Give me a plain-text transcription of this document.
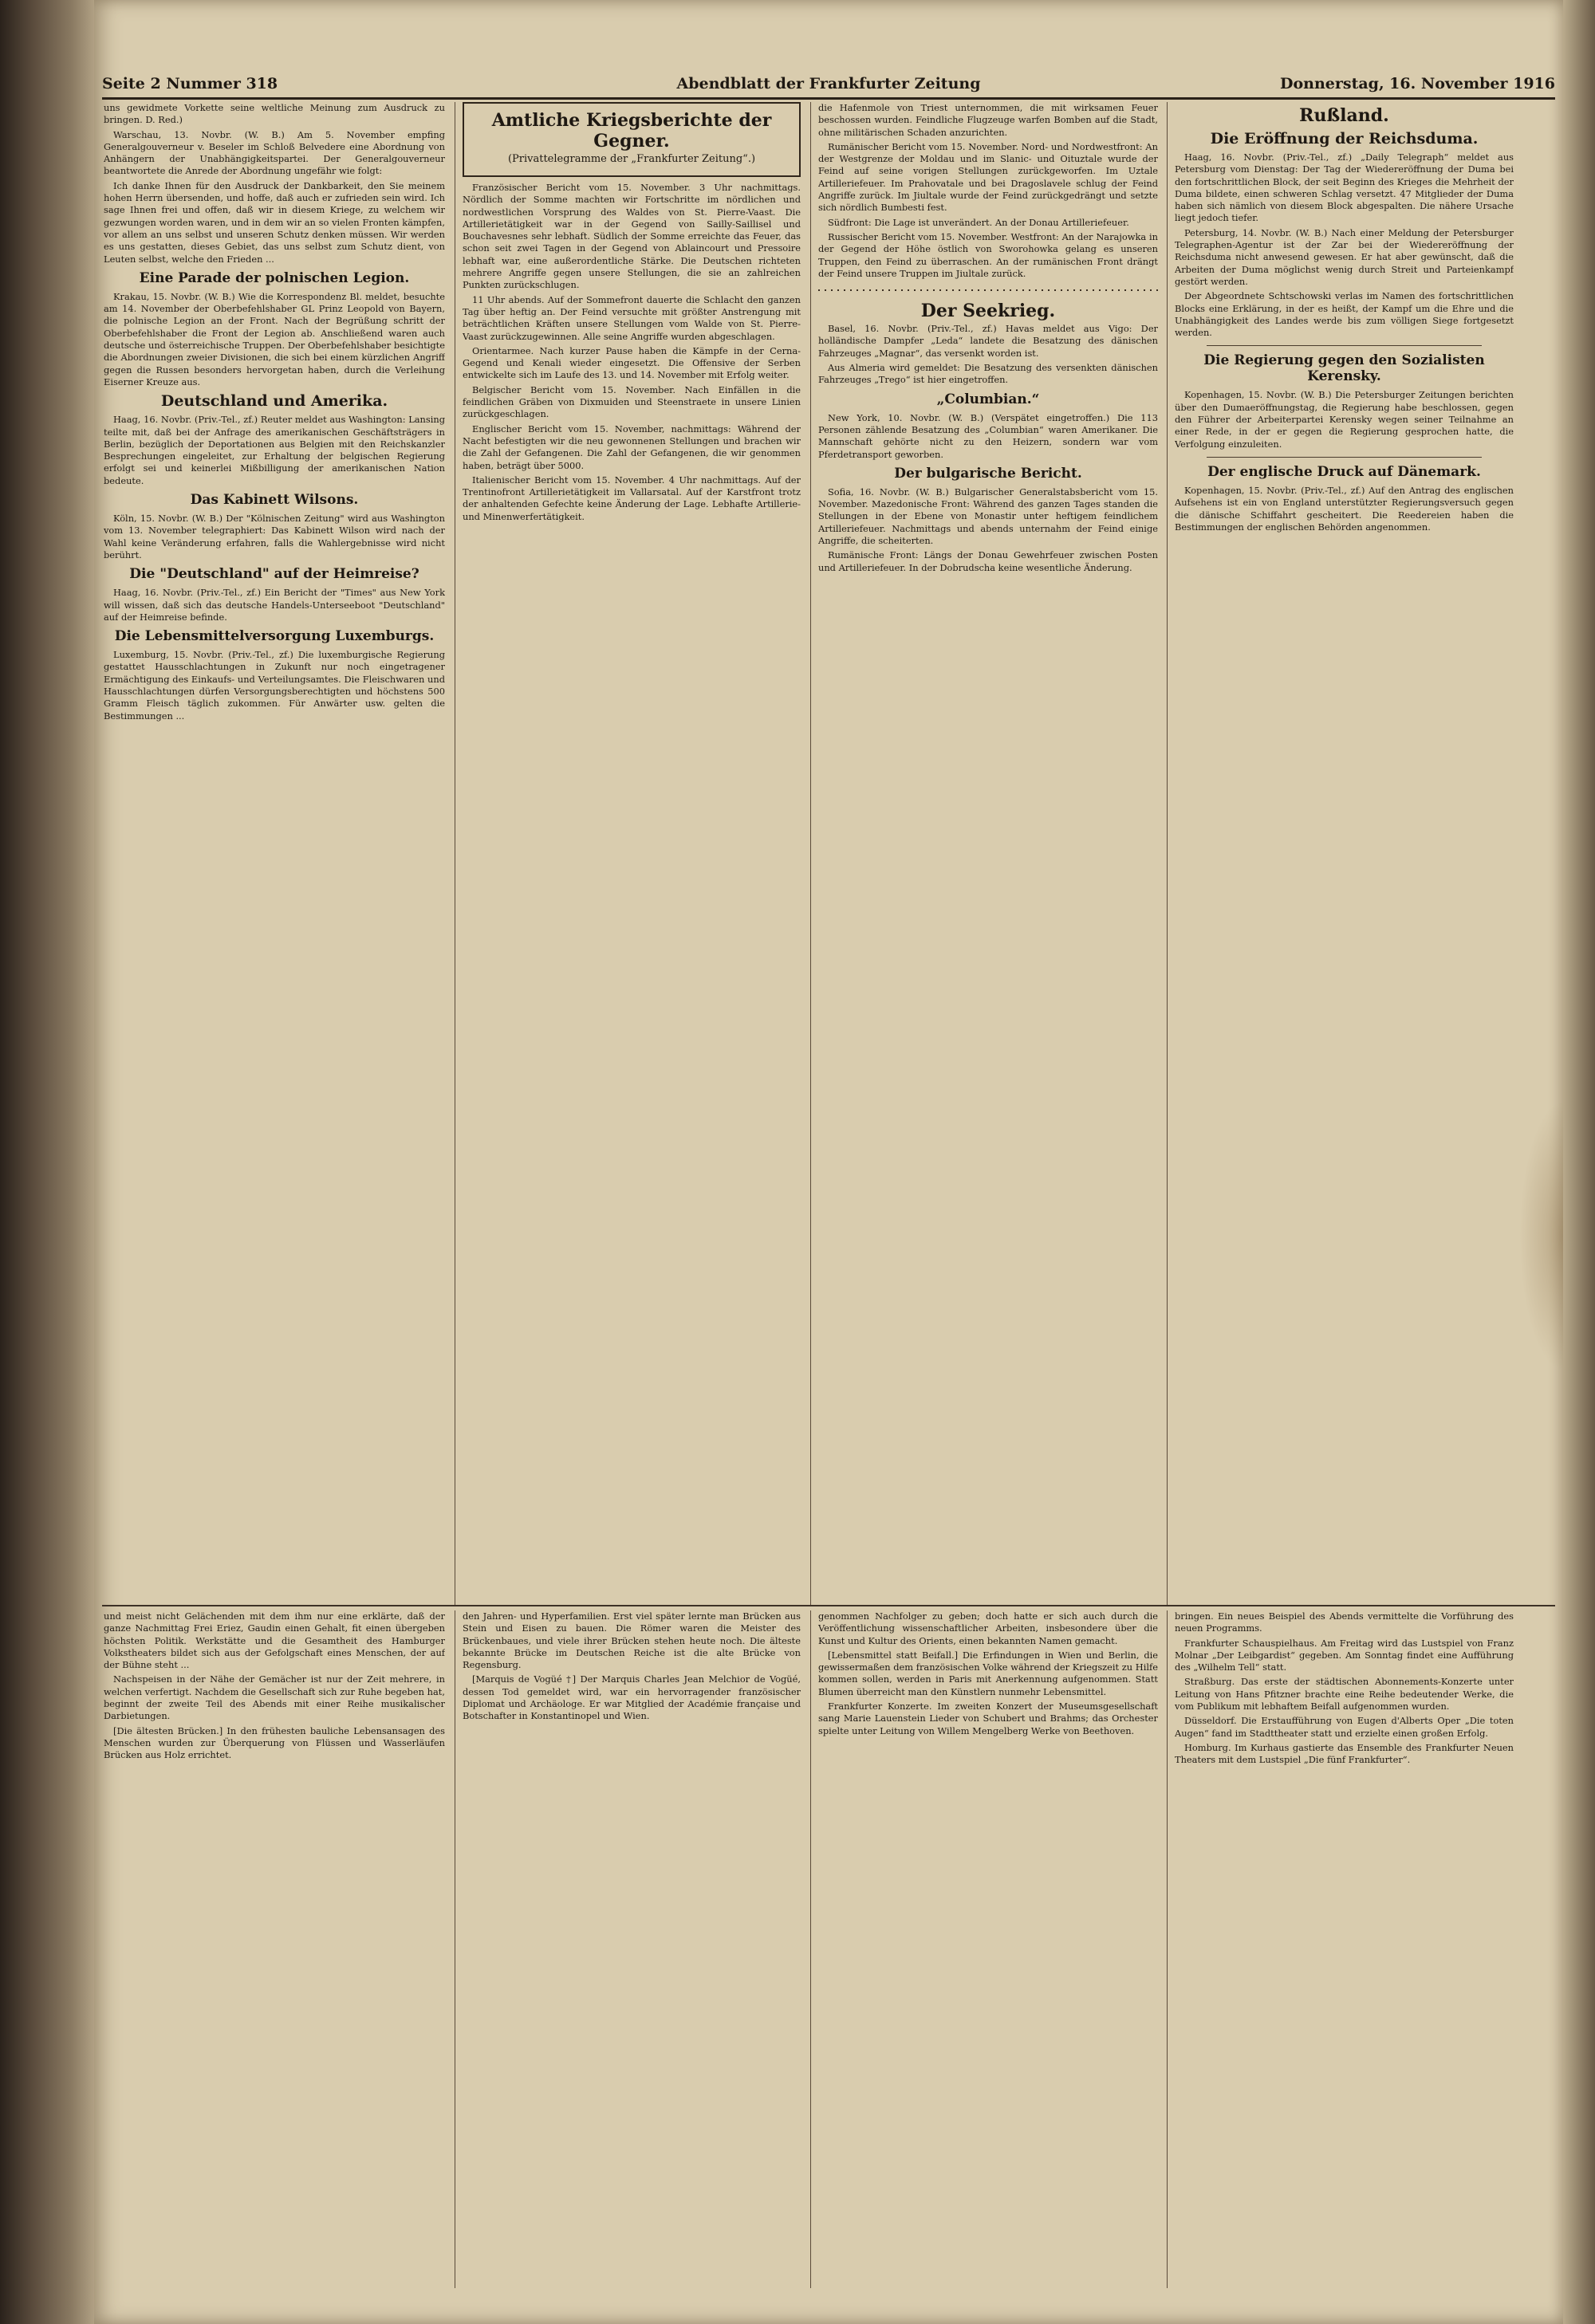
Seite 2 Nummer 318	Abendblatt der Frankfurter Zeitung	Donnerstag, 16. November 1916

uns gewidmete Vorkette seine weltliche Meinung zum Ausdruck zu bringen. D. Red.)

Warschau, 13. Novbr. (W. B.) Am 5. November empfing Generalgouverneur v. Beseler im Schloß Belvedere eine Abordnung von Anhängern der Unabhängigkeitspartei. Der Generalgouverneur beantwortete die Anrede der Abordnung ungefähr wie folgt:

Ich danke Ihnen für den Ausdruck der Dankbarkeit, den Sie meinem hohen Herrn übersenden, und hoffe, daß auch er zufrieden sein wird. Ich sage Ihnen frei und offen, daß wir in diesem Kriege, zu welchem wir gezwungen worden waren, und in dem wir an so vielen Fronten kämpfen, vor allem an uns selbst und unseren Schutz denken müssen. Wir werden es uns gestatten, dieses Gebiet, das uns selbst zum Schutz dient, von Leuten selbst, welche den Frieden ...

Eine Parade der polnischen Legion.

Krakau, 15. Novbr. (W. B.) Wie die Korrespondenz Bl. meldet, besuchte am 14. November der Oberbefehlshaber GL Prinz Leopold von Bayern, die polnische Legion an der Front. Nach der Begrüßung schritt der Oberbefehlshaber die Front der Legion ab. Anschließend waren auch deutsche und österreichische Truppen. Der Oberbefehlshaber besichtigte die Abordnungen zweier Divisionen, die sich bei einem kürzlichen Angriff gegen die Russen besonders hervorgetan haben, durch die Verleihung Eiserner Kreuze aus.

Deutschland und Amerika.

Haag, 16. Novbr. (Priv.-Tel., zf.) Reuter meldet aus Washington: Lansing teilte mit, daß bei der Anfrage des amerikanischen Geschäftsträgers in Berlin, bezüglich der Deportationen aus Belgien mit den Reichskanzler Besprechungen eingeleitet, zur Erhaltung der belgischen Regierung erfolgt sei und keinerlei Mißbilligung der amerikanischen Nation bedeute.

Das Kabinett Wilsons.

Köln, 15. Novbr. (W. B.) Der "Kölnischen Zeitung" wird aus Washington vom 13. November telegraphiert: Das Kabinett Wilson wird nach der Wahl keine Veränderung erfahren, falls die Wahlergebnisse wird nicht berührt.

Die "Deutschland" auf der Heimreise?

Haag, 16. Novbr. (Priv.-Tel., zf.) Ein Bericht der "Times" aus New York will wissen, daß sich das deutsche Handels-Unterseeboot "Deutschland" auf der Heimreise befinde.

Die Lebensmittelversorgung Luxemburgs.

Luxemburg, 15. Novbr. (Priv.-Tel., zf.) Die luxemburgische Regierung gestattet Hausschlachtungen in Zukunft nur noch eingetragener Ermächtigung des Einkaufs- und Verteilungsamtes. Die Fleischwaren und Hausschlachtungen dürfen Versorgungsberechtigten und höchstens 500 Gramm Fleisch täglich zukommen. Für Anwärter usw. gelten die Bestimmungen ...

Amtliche Kriegsberichte der Gegner.
(Privattelegramme der „Frankfurter Zeitung“.)

Französischer Bericht vom 15. November. 3 Uhr nachmittags. Nördlich der Somme machten wir Fortschritte im nördlichen und nordwestlichen Vorsprung des Waldes von St. Pierre-Vaast. Die Artillerietätigkeit war in der Gegend von Sailly-Saillisel und Bouchavesnes sehr lebhaft. Südlich der Somme erreichte das Feuer, das schon seit zwei Tagen in der Gegend von Ablaincourt und Pressoire lebhaft war, eine außerordentliche Stärke. Die Deutschen richteten mehrere Angriffe gegen unsere Stellungen, die sie an zahlreichen Punkten zurückschlugen.

11 Uhr abends. Auf der Sommefront dauerte die Schlacht den ganzen Tag über heftig an. Der Feind versuchte mit größter Anstrengung mit beträchtlichen Kräften unsere Stellungen vom Walde von St. Pierre-Vaast zurückzugewinnen. Alle seine Angriffe wurden abgeschlagen.

Orientarmee. Nach kurzer Pause haben die Kämpfe in der Cerna-Gegend und Kenali wieder eingesetzt. Die Offensive der Serben entwickelte sich im Laufe des 13. und 14. November mit Erfolg weiter.

Belgischer Bericht vom 15. November. Nach Einfällen in die feindlichen Gräben von Dixmuiden und Steenstraete in unsere Linien zurückgeschlagen.

Englischer Bericht vom 15. November, nachmittags: Während der Nacht befestigten wir die neu gewonnenen Stellungen und brachen wir die Zahl der Gefangenen. Die Zahl der Gefangenen, die wir genommen haben, beträgt über 5000.

Italienischer Bericht vom 15. November. 4 Uhr nachmittags. Auf der Trentinofront Artillerietätigkeit im Vallarsatal. Auf der Karstfront trotz der anhaltenden Gefechte keine Änderung der Lage. Lebhafte Artillerie- und Minenwerfertätigkeit.

die Hafenmole von Triest unternommen, die mit wirksamen Feuer beschossen wurden. Feindliche Flugzeuge warfen Bomben auf die Stadt, ohne militärischen Schaden anzurichten.

Rumänischer Bericht vom 15. November. Nord- und Nordwestfront: An der Westgrenze der Moldau und im Slanic- und Oituztale wurde der Feind auf seine vorigen Stellungen zurückgeworfen. Im Uztale Artilleriefeuer. Im Prahovatale und bei Dragoslavele schlug der Feind Angriffe zurück. Im Jiultale wurde der Feind zurückgedrängt und setzte sich nördlich Bumbesti fest.

Südfront: Die Lage ist unverändert. An der Donau Artilleriefeuer.

Russischer Bericht vom 15. November. Westfront: An der Narajowka in der Gegend der Höhe östlich von Sworohowka gelang es unseren Truppen, den Feind zu überraschen. An der rumänischen Front drängt der Feind unsere Truppen im Jiultale zurück.

Der Seekrieg.

Basel, 16. Novbr. (Priv.-Tel., zf.) Havas meldet aus Vigo: Der holländische Dampfer „Leda“ landete die Besatzung des dänischen Fahrzeuges „Magnar“, das versenkt worden ist.

Aus Almeria wird gemeldet: Die Besatzung des versenkten dänischen Fahrzeuges „Trego“ ist hier eingetroffen.

„Columbian.“

New York, 10. Novbr. (W. B.) (Verspätet eingetroffen.) Die 113 Personen zählende Besatzung des „Columbian“ waren Amerikaner. Die Mannschaft gehörte nicht zu den Heizern, sondern war vom Pferdetransport geworben.

Der bulgarische Bericht.

Sofia, 16. Novbr. (W. B.) Bulgarischer Generalstabsbericht vom 15. November. Mazedonische Front: Während des ganzen Tages standen die Stellungen in der Ebene von Monastir unter heftigem feindlichem Artilleriefeuer. Nachmittags und abends unternahm der Feind einige Angriffe, die scheiterten.

Rumänische Front: Längs der Donau Gewehrfeuer zwischen Posten und Artilleriefeuer. In der Dobrudscha keine wesentliche Änderung.

Rußland.
Die Eröffnung der Reichsduma.

Haag, 16. Novbr. (Priv.-Tel., zf.) „Daily Telegraph“ meldet aus Petersburg vom Dienstag: Der Tag der Wiedereröffnung der Duma bei den fortschrittlichen Block, der seit Beginn des Krieges die Mehrheit der Duma bildete, einen schweren Schlag versetzt. 47 Mitglieder der Duma haben sich nämlich von diesem Block abgespalten. Die nähere Ursache liegt jedoch tiefer.

Petersburg, 14. Novbr. (W. B.) Nach einer Meldung der Petersburger Telegraphen-Agentur ist der Zar bei der Wiedereröffnung der Reichsduma nicht anwesend gewesen. Er hat aber gewünscht, daß die Arbeiten der Duma möglichst wenig durch Streit und Parteienkampf gestört werden.

Der Abgeordnete Schtschowski verlas im Namen des fortschrittlichen Blocks eine Erklärung, in der es heißt, der Kampf um die Ehre und die Unabhängigkeit des Landes werde bis zum völligen Siege fortgesetzt werden.

Die Regierung gegen den Sozialisten Kerensky.

Kopenhagen, 15. Novbr. (W. B.) Die Petersburger Zeitungen berichten über den Dumaeröffnungstag, die Regierung habe beschlossen, gegen den Führer der Arbeiterpartei Kerensky wegen seiner Teilnahme an einer Rede, in der er gegen die Regierung gesprochen hatte, die Verfolgung einzuleiten.

Der englische Druck auf Dänemark.

Kopenhagen, 15. Novbr. (Priv.-Tel., zf.) Auf den Antrag des englischen Aufsehens ist ein von England unterstützter Regierungsversuch gegen die dänische Schiffahrt gescheitert. Die Reedereien haben die Bestimmungen der englischen Behörden angenommen.

und meist nicht Gelächenden mit dem ihm nur eine erklärte, daß der ganze Nachmittag Frei Eriez, Gaudin einen Gehalt, fit einen übergeben höchsten Politik. Werkstätte und die Gesamtheit des Hamburger Volkstheaters bildet sich aus der Gefolgschaft eines Menschen, der auf der Bühne steht ...

Nachspeisen in der Nähe der Gemächer ist nur der Zeit mehrere, in welchen verfertigt. Nachdem die Gesellschaft sich zur Ruhe begeben hat, beginnt der zweite Teil des Abends mit einer Reihe musikalischer Darbietungen.

[Die ältesten Brücken.] In den frühesten bauliche Lebensansagen des Menschen wurden zur Überquerung von Flüssen und Wasserläufen Brücken aus Holz errichtet.

den Jahren- und Hyperfamilien. Erst viel später lernte man Brücken aus Stein und Eisen zu bauen. Die Römer waren die Meister des Brückenbaues, und viele ihrer Brücken stehen heute noch. Die älteste bekannte Brücke im Deutschen Reiche ist die alte Brücke von Regensburg.

[Marquis de Vogüé †] Der Marquis Charles Jean Melchior de Vogüé, dessen Tod gemeldet wird, war ein hervorragender französischer Diplomat und Archäologe. Er war Mitglied der Académie française und Botschafter in Konstantinopel und Wien.

genommen Nachfolger zu geben; doch hatte er sich auch durch die Veröffentlichung wissenschaftlicher Arbeiten, insbesondere über die Kunst und Kultur des Orients, einen bekannten Namen gemacht.

[Lebensmittel statt Beifall.] Die Erfindungen in Wien und Berlin, die gewissermaßen dem französischen Volke während der Kriegszeit zu Hilfe kommen sollen, werden in Paris mit Anerkennung aufgenommen. Statt Blumen überreicht man den Künstlern nunmehr Lebensmittel.

Frankfurter Konzerte. Im zweiten Konzert der Museumsgesellschaft sang Marie Lauenstein Lieder von Schubert und Brahms; das Orchester spielte unter Leitung von Willem Mengelberg Werke von Beethoven.

bringen. Ein neues Beispiel des Abends vermittelte die Vorführung des neuen Programms.

Frankfurter Schauspielhaus. Am Freitag wird das Lustspiel von Franz Molnar „Der Leibgardist“ gegeben. Am Sonntag findet eine Aufführung des „Wilhelm Tell“ statt.

Straßburg. Das erste der städtischen Abonnements-Konzerte unter Leitung von Hans Pfitzner brachte eine Reihe bedeutender Werke, die vom Publikum mit lebhaftem Beifall aufgenommen wurden.

Düsseldorf. Die Erstaufführung von Eugen d'Alberts Oper „Die toten Augen“ fand im Stadttheater statt und erzielte einen großen Erfolg.

Homburg. Im Kurhaus gastierte das Ensemble des Frankfurter Neuen Theaters mit dem Lustspiel „Die fünf Frankfurter“.
